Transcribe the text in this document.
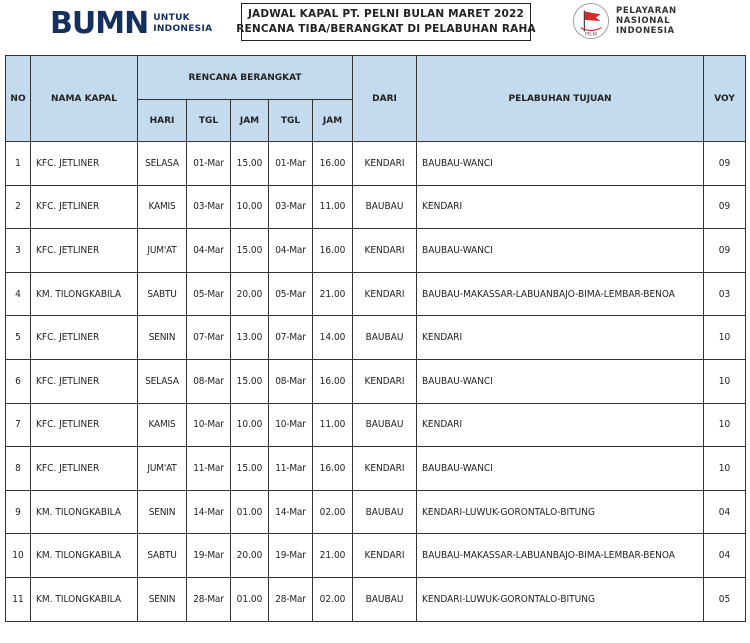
BUMN UNTUK
INDONESIA
JADWAL KAPAL PT. PELNI BULAN MARET 2022
RENCANA TIBA/BERANGKAT DI PELABUHAN RAHA	PELNI
PELAYARAN
NASIONAL
INDONESIA
NO	NAMA KAPAL	RENCANA BERANGKAT					DARI	PELABUHAN TUJUAN	VOY
		HARI	TGL	JAM	TGL	JAM			
1	KFC. JETLINER	SELASA	01-Mar	15.00	01-Mar	16.00	KENDARI	BAUBAU-WANCI	09
2	KFC. JETLINER	KAMIS	03-Mar	10.00	03-Mar	11.00	BAUBAU	KENDARI	09
3	KFC. JETLINER	JUM'AT	04-Mar	15.00	04-Mar	16.00	KENDARI	BAUBAU-WANCI	09
4	KM. TILONGKABILA	SABTU	05-Mar	20.00	05-Mar	21.00	KENDARI	BAUBAU-MAKASSAR-LABUANBAJO-BIMA-LEMBAR-BENOA	03
5	KFC. JETLINER	SENIN	07-Mar	13.00	07-Mar	14.00	BAUBAU	KENDARI	10
6	KFC. JETLINER	SELASA	08-Mar	15.00	08-Mar	16.00	KENDARI	BAUBAU-WANCI	10
7	KFC. JETLINER	KAMIS	10-Mar	10.00	10-Mar	11.00	BAUBAU	KENDARI	10
8	KFC. JETLINER	JUM'AT	11-Mar	15.00	11-Mar	16.00	KENDARI	BAUBAU-WANCI	10
9	KM. TILONGKABILA	SENIN	14-Mar	01.00	14-Mar	02.00	BAUBAU	KENDARI-LUWUK-GORONTALO-BITUNG	04
10	KM. TILONGKABILA	SABTU	19-Mar	20.00	19-Mar	21.00	KENDARI	BAUBAU-MAKASSAR-LABUANBAJO-BIMA-LEMBAR-BENOA	04
11	KM. TILONGKABILA	SENIN	28-Mar	01.00	28-Mar	02.00	BAUBAU	KENDARI-LUWUK-GORONTALO-BITUNG	05
